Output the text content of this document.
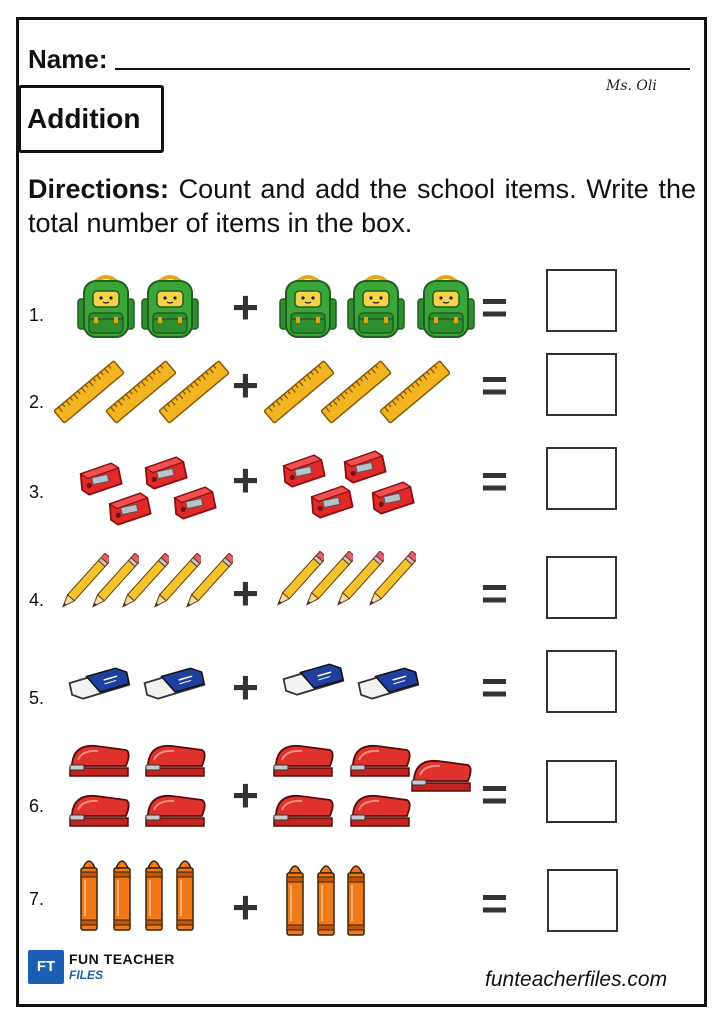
Name:
Ms. Oli
Addition
Directions: Count and add the school items. Write the total number of items in the box.
1.	+	=
2.	+	=
3.	+	=
4.	+	=
5.	+	=
6.	+	=
7.	+	=
FT FUN TEACHER
FILES	funteacherfiles.com
